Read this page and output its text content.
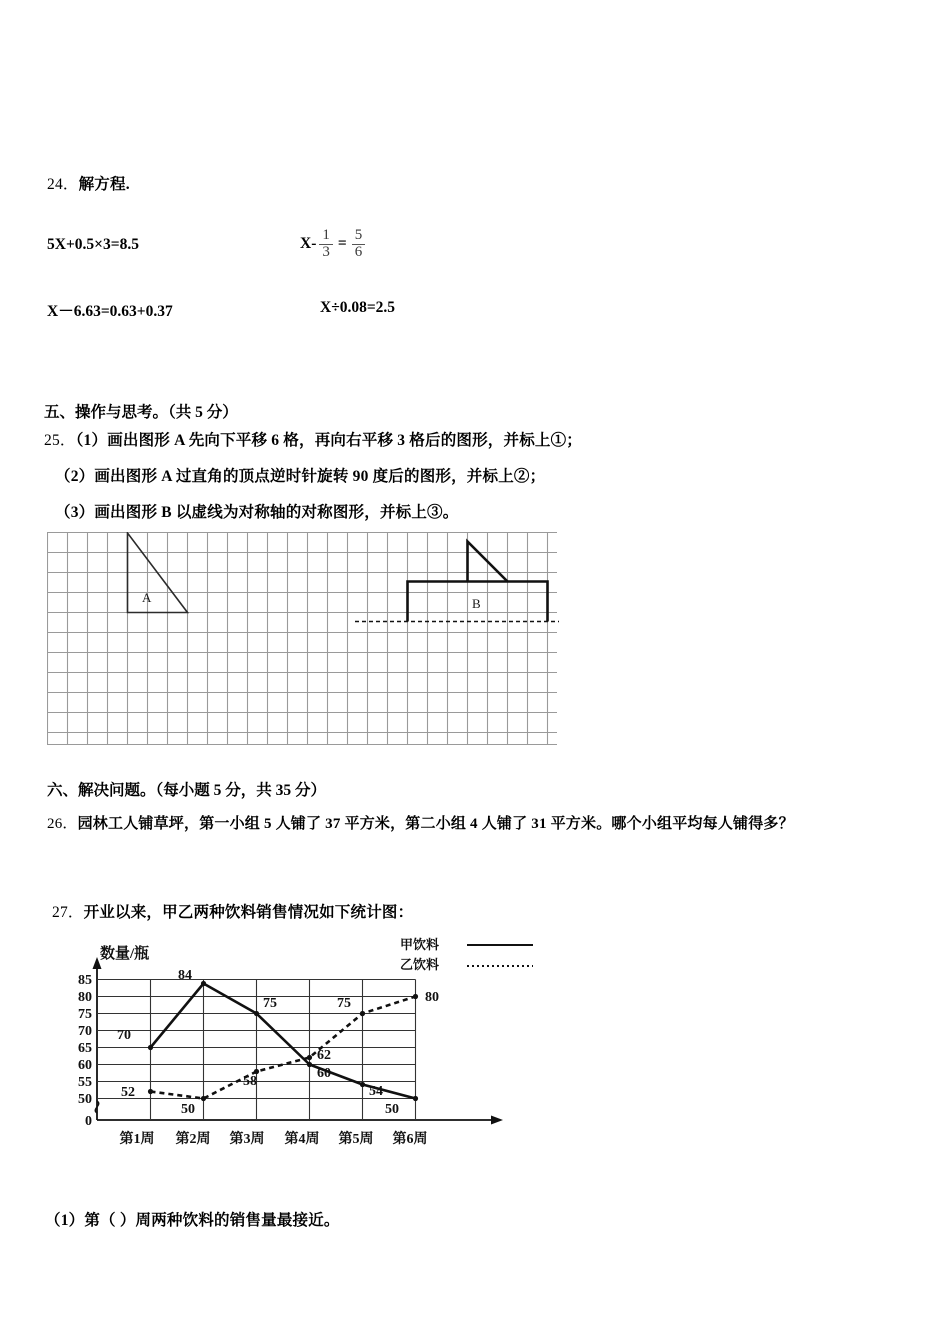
24．解方程.
5X+0.5×3=8.5	$X- \frac{1}{3} = \frac{5}{6}$
X－6.63=0.63+0.37	X÷0.08=2.5
五、操作与思考。（共 5 分）
25．（1）画出图形 A 先向下平移 6 格，再向右平移 3 格后的图形，并标上①；
（2）画出图形 A 过直角的顶点逆时针旋转 90 度后的图形，并标上②；
（3）画出图形 B 以虚线为对称轴的对称图形，并标上③。
A	B
六、解决问题。（每小题 5 分，共 35 分）
26．园林工人铺草坪，第一小组 5 人铺了 37 平方米，第二小组 4 人铺了 31 平方米。哪个小组平均每人铺得多？
27．开业以来，甲乙两种饮料销售情况如下统计图：
数量/瓶
甲饮料
乙饮料
0
50
55
60
65
70
75
80
85
70
84
75
60
54
50
52
50
58
62
75	80
第1周 第2周 第3周 第4周 第5周 第6周
（1）第（ ）周两种饮料的销售量最接近。
